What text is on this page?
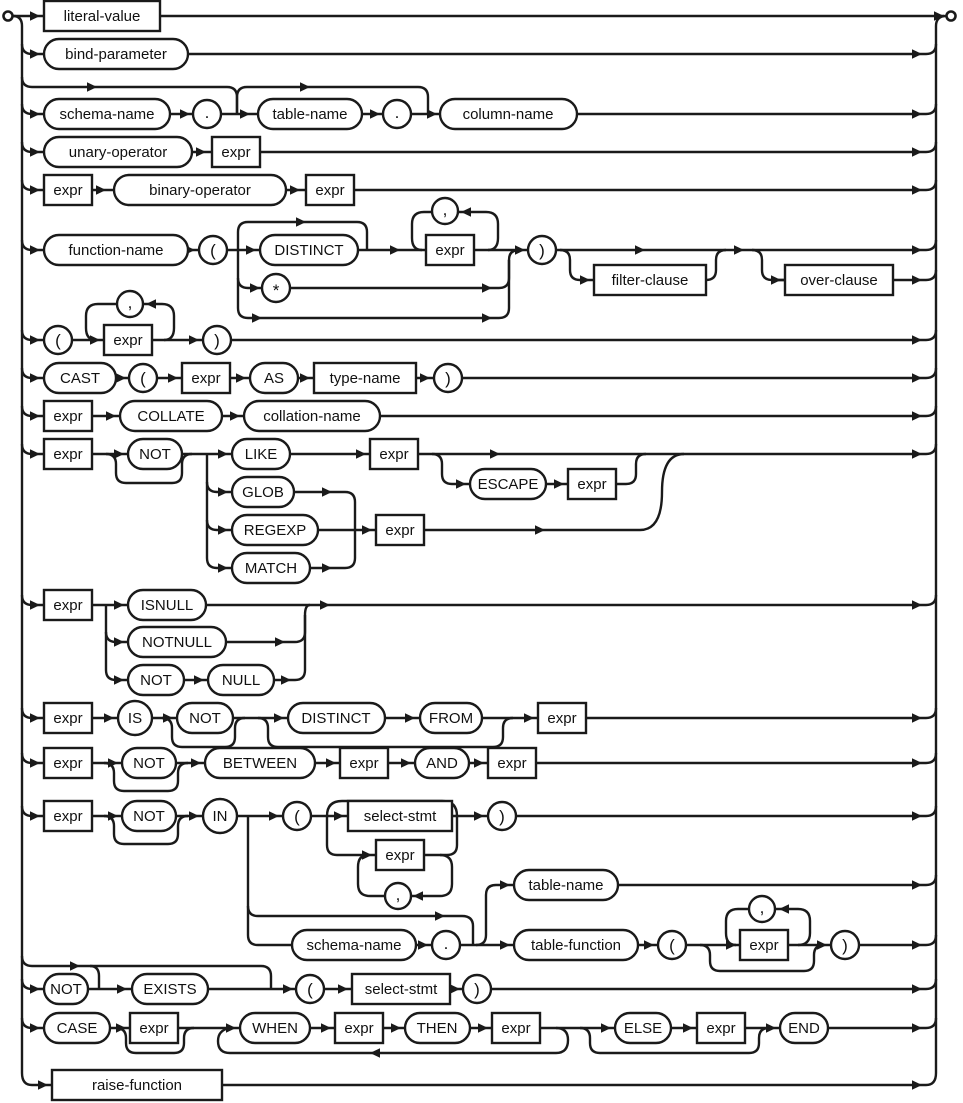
literal-value
bind-parameter
schema-name	.	table-name	.	column-name
unary-operator	expr
expr	binary-operator	expr
function-name	(	DISTINCT
,
expr
*
)
filter-clause	over-clause
(
,
expr	)
CAST (	expr	AS	type-name	)
expr	COLLATE	collation-name
expr	NOT	LIKE
GLOB
REGEXP
MATCH
expr
expr
ESCAPE	expr
expr	ISNULL
NOTNULL
NOT	NULL
expr	IS	NOT	DISTINCT	FROM	expr
expr	NOT	BETWEEN	expr	AND	expr
expr	NOT	IN	(	select-stmt
expr
,
)
schema-name .
table-name
table-function	(
,
expr	)
NOT	EXISTS	(	select-stmt )
CASE	expr	WHEN	expr	THEN	expr	ELSE	expr	END
raise-function
